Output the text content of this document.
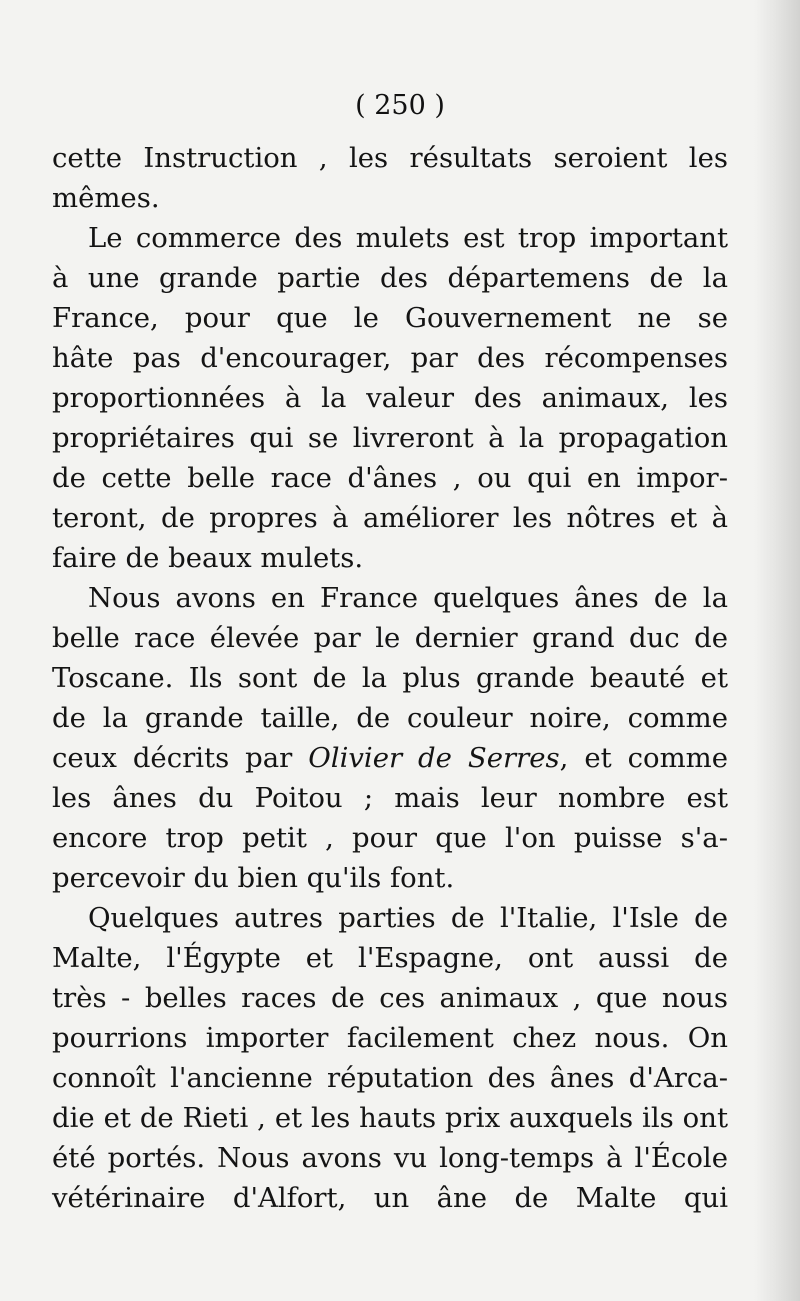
( 250 )
cette Instruction , les résultats seroient les
mêmes.
Le commerce des mulets est trop important
à une grande partie des départemens de la
France, pour que le Gouvernement ne se
hâte pas d'encourager, par des récompenses
proportionnées à la valeur des animaux, les
propriétaires qui se livreront à la propagation
de cette belle race d'ânes , ou qui en impor-
teront, de propres à améliorer les nôtres et à
faire de beaux mulets.
Nous avons en France quelques ânes de la
belle race élevée par le dernier grand duc de
Toscane. Ils sont de la plus grande beauté et
de la grande taille, de couleur noire, comme
ceux décrits par Olivier de Serres, et comme
les ânes du Poitou ; mais leur nombre est
encore trop petit , pour que l'on puisse s'a-
percevoir du bien qu'ils font.
Quelques autres parties de l'Italie, l'Isle de
Malte, l'Égypte et l'Espagne, ont aussi de
très - belles races de ces animaux , que nous
pourrions importer facilement chez nous. On
connoît l'ancienne réputation des ânes d'Arca-
die et de Rieti , et les hauts prix auxquels ils ont
été portés. Nous avons vu long-temps à l'École
vétérinaire d'Alfort, un âne de Malte qui
